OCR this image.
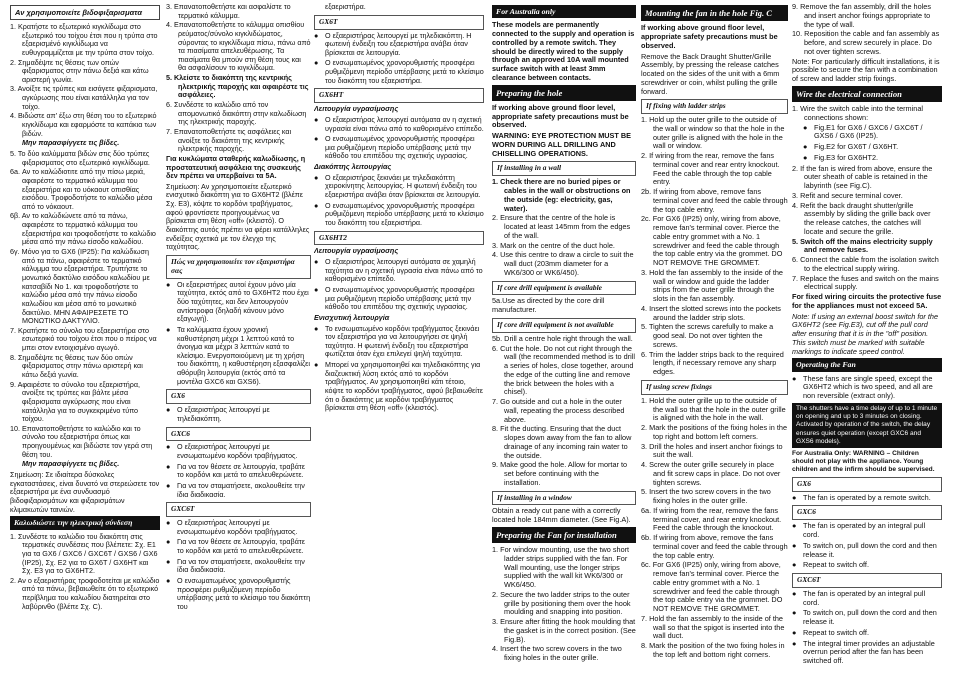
Αν χρησιμοποιείτε βιδοφιξαρισματα
1. Κρατήστε το εξωτερικό κιγκλίδωμα στο εξωτερικό του τοίχου έτσι που η τρύπα στο εξαερισμένό κιγκλίδωμα να ευθυγραμμίζεται με την τρύπα στον τοίχο.
2. Σημαδέψτε τις θέσεις των οπών φιξαρισματος στην πάνω δεξιά και κάτω αριστερή γωνία.
3. Ανοίξτε τις τρύπες και εισάγετε φιξαρισματα, αγκύρωσης που είναι κατάλληλα για τον τοίχο.
4. Βιδώστε απ' έξω στη θέση του το εξωτερικό κιγκλίδωμα και εφαρμόστε τα καπάκια των βιδών.

Μην παρασφίγγετε τις βίδες.

5. Το δύο καλύμματα βιδών στις δύο τρύπες φιξαρισματος στο εξωτερικό κιγκλίδωμα.
6a. Αν το καλώδιοτιτε από την πίσω μεριά, αφαιρέστε το τερματικό κάλυμμα του εξαεριστήρα και το υόκαουτ οπισθίας εισόδου. Τροφοδοτήστε το καλώδιο μέσα από το νόκαουτ.
6β. Αν το καλώδιώνετε από τα πάνω, αφαιρέστε το τερματικό κάλυμμα του εξαεριστήρα και τροφοδοτήστε το καλώδιο μέσα από την πάνω είσοδο καλωδίου.
6γ. Μόνο για το GX6 (IP25): Για καλώδιωση από τα πάνω, αφαιρέστε το τερματικό κάλυμμα του εξαεριστήρα. Τρυπήστε το μονωτικό δακτύλιο εισόδου καλωδίου με κατσαβίδι No 1. και τροφοδοτήστε το καλώδιο μέσα από την πάνω είσοδο καλωδίου και μέσα από το μονωτικό δακτύλιο. ΜΗΝ ΑΦΑΙΡΕΣΕΤΕ ΤΟ ΜΟΝΩΤΙΚΟ ΔΑΚΤΥΛΙΟ.
7. Κρατήστε το σύνολο του εξαεριστήρα στο εσωτερικό του τοίχου έτσι που ο πείρος να μπει στον εντοιχισμένο αγωγό.
8. Σημαδέψτε τις θέσεις των δύο οπών φιξαρισματος στην πάνω αριστερή και κάτω δεξιά γωνία.
9. Αφαιρέστε το σύνολο του εξαεριστήρα, ανοίξτε τις τρύπες και βάλτε μέσα φιξαρισματα αγκύρωσης που είναι κατάλληλα για το συγκεκριμένο τύπο τοίχου.
10. Επανατοποθετήστε το καλώδιο και το σύνολο του εξαεριστήρα όπως και προηγουμένως και βιδώστε τον γερά στη θέση του.

Μην παρασφίγγετε τις βίδες.

Σημείωση: Σε ιδιαίτερα δύσκολες εγκαταστάσεις, είναι δυνατό να στερεώσετε τον εξαεριστήρα με ένα συνδυασμό βιδοφιξαρισμάτων και φιξαρισμάτων κλιμακωτών ταινιών.

Καλωδιώστε την ηλεκτρική σύνδεση
1. Συνδέστε το καλώδιο του διακόπτη στις τερματικές συνδέσεις που βλέπετε: Σχ. Ε1 για τα GX6 / GXC6 / GXC6T / GXS6 / GX6 (IP25), Σχ. Ε2 για το GX6T / GX6HT και Σχ. Ε3 για το GX6HT2.
2. Αν ο εξαεριστήρας τροφοδοτείται με καλώδιο από τα πάνω, βεβαιωθείτε ότι το εξωτερικό περίβλημα του καλωδίου διατηρείται στο λαβύρινθο (βλέπε Σχ. C).
3. Επανατοποθετήστε και ασφαλίστε το τερματικό κάλυμμα.
4. Επανατοποθετήστε το κάλυμμα οπισθίου ρεύματος/σύνολο κιγκλιδώματος, σύροντας το κιγκλίδωμα πίσω, πάνω από τα πιασίματα απελευθέρωσης. Τα πιασίματα θα μπούν στη θέση τους και θα ασφαλίσουν το κιγκλίδωμα.
5. Κλείστε το διακόπτη της κεντρικής ηλεκτρικής παροχής και αφαιρέστε τις ασφάλειες.
6. Συνδέστε το καλώδιο από τον απομονωτικό διακόπτη στην καλωδίωση της ηλεκτρικής παροχής.
7. Επανατοποθετήστε τις ασφάλειες και ανοίξτε το διακόπτη της κεντρικής ηλεκτρικής παροχής.

Για κυκλώματα σταθερής καλωδίωσης, η προστατευτική ασφάλεια της συσκευής δεν πρέπει να υπερβαίνει τα 5Α.

Σημείωση: Αν χρησιμοποιείτε εξωτερικό ενισχυτικό διακόπτη για το GX6HT2 (βλέπε Σχ. E3), κόψτε το κορδόνι τραβήγματος, αφού φροντίσετε προηγουμένως να βρίσκεται στη θέση «off» (κλειστό). Ο διακόπτης αυτός πρέπει να φέρει κατάλληλες ενδείξεις σχετικά με τον έλεγχο της ταχύτητας.

Πώς να χρησιμοποιείτε τον εξαεριστήρα σας
● Οι εξαεριστήρες αυτοί έχουν μόνο μία ταχύτητα, εκτός από το GX6HT2 που έχει δύο ταχύτητες, και δεν λειτουργούν αντίστροφα (δηλαδή κάνουν μόνο εξαγωγή).
● Τα καλύμματα έχουν χρονική καθυστέρηση μέχρι 1 λεπτού κατά το άνοιγμα και μέχρι 3 λεπτών κατά το κλείσιμο. Ενεργοποιούμενη με τη χρήση του διακόπτη, η καθυστέρηση εξασφαλίζει αθόρυβη λειτουργία (εκτός από τα μοντέλα GXC6 και GXS6).
GX6
● Ο εξαεριστήρας λειτουργεί με τηλεδιακόπτη.
GXC6
● Ο εξαεριστήρας λειτουργεί με ενσωματωμένο κορδόνι τραβήγματος.
● Για να τον θέσετε σε λειτουργία, τραβάτε το κορδόνι και μετά το απελευθερώνετε.
● Για να τον σταματήσετε, ακολουθείτε την ίδια διαδικασία.
GXC6T
● Ο εξαεριστήρας λειτουργεί με ενσωματωμένο κορδόνι τραβήγματος.
● Για να τον θέσετε σε λειτουργία, τραβάτε το κορδόνι και μετά το απελευθερώνετε.
● Για να τον σταματήσετε, ακολουθείτε την ίδια διαδικασία.
● Ο ενσωματωμένος χρονορυθμιστής προσφέρει ρυθμιζόμενη περίοδο υπέρβασης μετά το κλείσιμο του διακόπτη του

εξαεριστήρα.

GX6T
● Ο εξαεριστήρας λειτουργεί με τηλεδιακόπτη. Η φωτεινή ένδειξη του εξαεριστήρα ανάβει όταν βρίσκεται σε λειτουργία.
● Ο ενσωματωμένος χρονορυθμιστής προσφέρει ρυθμιζόμενη περίοδο υπέρβασης μετά το κλείσιμο του διακόπτη του εξαεριστήρα.
GX6HT

Λειτουργία υγρασίμοσης

● Ο εξαεριστήρας λειτουργεί αυτόματα αν η σχετική υγρασία είναι πάνω από το καθορισμένο επίπεδο.
● Ο ενσωματωμένος χρονορυθμιστής προσφέρει μια ρυθμιζόμενη περίοδο υπέρβασης μετά την κάθοδο του επιπέδου της σχετικής υγρασίας.

Διακόπτης λειτουργίας

● Ο εξαεριστήρας ξεκινάει με τηλεδιακόπτη χειροκίνητης λειτουργίας. Η φωτεινή ένδειξη του εξαεριστήρα ανάβει όταν βρίσκεται σε λειτουργία.
● Ο ενσωματωμένος χρονορυθμιστής προσφέρει ρυθμιζόμενη περίοδο υπέρβασης μετά το κλείσιμο του διακόπτη του εξαεριστήρα.
GX6HT2

Λειτουργία υγρασίμοσης

● Ο εξαεριστήρας λειτουργεί αυτόματα σε χαμηλή ταχύτητα αν η σχετική υγρασία είναι πάνω από το καθορισμένο επίπεδο.
● Ο ενσωματωμένος χρονορυθμιστής προσφέρει μια ρυθμιζόμενη περίοδο υπέρβασης μετά την κάθοδο του επιπέδου της σχετικής υγρασίας.

Ενισχυτική λειτουργία

● Το ενσωματωμένο κορδόνι τραβήγματος ξεκινάει τον εξαεριστήρα για να λειτουργήσει σε ψηλή ταχύτητα. Η φωτεινή ένδειξη του εξαεριστήρα φωτίζεται όταν έχει επιλεγεί ψηλή ταχύτητα.
● Μπορεί να χρησιμοποιηθεί και τηλεδιακόπτης για διαζευκτική λύση εκτός από το κορδόνι τραβήγματος. Αν χρησιμοποιηθεί κάτι τέτοιο, κόψτε το κορδόνι τραβήγματος, αφού βεβαιωθείτε ότι ο διακόπτης με κορδόνι τραβήγματος βρίσκεται στη θέση «off» (κλειστός).
For Australia only

These models are permanently connected to the supply and operation is controlled by a remote switch. They should be directly wired to the supply through an approved 10A wall mounted surface switch with at least 3mm clearance between contacts.

Preparing the hole

If working above ground floor level, appropriate safety precautions must be observed.

WARNING: EYE PROTECTION MUST BE WORN DURING ALL DRILLING AND CHISELLING OPERATIONS.

If installing in a wall
1. Check there are no buried pipes or cables in the wall or obstructions on the outside (eg: electricity, gas, water).
2. Ensure that the centre of the hole is located at least 145mm from the edges of the wall.
3. Mark on the centre of the duct hole.
4. Use this centre to draw a circle to suit the wall duct (203mm diameter for a WK6/300 or WK6/450).
If core drill equipment is available

5a.Use as directed by the core drill manufacturer.

If core drill equipment is not available
5b. Drill a centre hole right through the wall.
6. Cut the hole. Do not cut right through the wall (the recommended method is to drill a series of holes, close together, around the edge of the cutting line and remove the brick between the holes with a chisel).
7. Go outside and cut a hole in the outer wall, repeating the process described above.
8. Fit the ducting. Ensuring that the duct slopes down away from the fan to allow drainage of any incoming rain water to the outside.
9. Make good the hole. Allow for mortar to set before continuing with the installation.
If installing in a window

Obtain a ready cut pane with a correctly located hole 184mm diameter. (See Fig.A).

Preparing the Fan for installation
1. For window mounting, use the two short ladder strips supplied with the fan. For Wall mounting, use the longer strips supplied with the wall kit WK6/300 or WK6/450.
2. Secure the two ladder strips to the outer grille by positioning them over the hook moulding and snapping into position.
3. Ensure after fitting the hook moulding that the gasket is in the correct position. (See Fig.B).
4. Insert the two screw covers in the two fixing holes in the outer grille.
Mounting the fan in the hole Fig. C

If working above ground floor level, appropriate safety precautions must be observed.

Remove the Back Draught Shutter/Grille Assembly, by pressing the release catches located on the sides of the unit with a 6mm screwdriver or coin, whilst pulling the grille forward.

If fixing with ladder strips
1. Hold up the outer grille to the outside of the wall or window so that the hole in the outer grille is aligned with the hole in the wall or window.
2. If wiring from the rear, remove the fans terminal cover and rear entry knockout. Feed the cable through the top cable entry.
2b. If wiring from above, remove fans terminal cover and feed the cable through the top cable entry.
2c. For GX6 (IP25) only, wiring from above, remove fan's terminal cover. Pierce the cable entry grommet with a No. 1 screwdriver and feed the cable through the top cable entry via the grommet. DO NOT REMOVE THE GROMMET.
3. Hold the fan assembly to the inside of the wall or window and guide the ladder strips from the outer grille through the slots in the fan assembly.
4. Insert the slotted screws into the pockets around the ladder strip slots.
5. Tighten the screws carefully to make a good seal. Do not over tighten the screws.
6. Trim the ladder strips back to the required length, if necessary remove any sharp edges.
If using screw fixings
1. Hold the outer grille up to the outside of the wall so that the hole in the outer grille is aligned with the hole in the wall.
2. Mark the positions of the fixing holes in the top right and bottom left corners.
3. Drill the holes and insert anchor fixings to suit the wall.
4. Screw the outer grille securely in place and fit screw caps in place. Do not over tighten screws.
5. Insert the two screw covers in the two fixing holes in the outer grille.
6a. If wiring from the rear, remove the fans terminal cover, and rear entry knockout. Feed the cable through the knockout.
6b. If wiring from above, remove the fans terminal cover and feed the cable through the top cable entry.
6c. For GX6 (IP25) only, wiring from above, remove fan's terminal cover. Pierce the cable entry grommet with a No. 1 screwdriver and feed the cable through the top cable entry via the grommet. DO NOT REMOVE THE GROMMET.
7. Hold the fan assembly to the inside of the wall so that the spigot is inserted into the wall duct.
8. Mark the position of the two fixing holes in the top left and bottom right corners.
9. Remove the fan assembly, drill the holes and insert anchor fixings appropriate to the type of wall.
10. Reposition the cable and fan assembly as before, and screw securely in place. Do not over tighten screws.

Note: For particularly difficult installations, it is possible to secure the fan with a combination of screw and ladder strip fixings.

Wire the electrical connection
1. Wire the switch cable into the terminal connections shown:
● Fig.E1 for GX6 / GXC6 / GXC6T / GXS6 / GX6 (IP25).
● Fig.E2 for GX6T / GX6HT.
● Fig.E3 for GX6HT2.
2. If the fan is wired from above, ensure the outer sheath of cable is retained in the labyrinth (see Fig.C).
3. Refit and secure terminal cover.
4. Refit the back draught shutter/grille assembly by sliding the grille back over the release catches, the catches will locate and secure the grille.
5. Switch off the mains electricity supply and remove fuses.
6. Connect the cable from the isolation switch to the electrical supply wiring.
7. Replace the fuses and switch on the mains electrical supply.

For fixed wiring circuits the protective fuse for the appliances must not exceed 5A.

Note: If using an external boost switch for the GX6HT2 (see Fig.E3), cut off the pull cord after ensuring that it is in the "off" position. This switch must be marked with suitable markings to indicate speed control.

Operating the Fan
● These fans are single speed, except the GX6HT2 which is two speed, and all are non reversible (extract only).
The shutters have a time delay of up to 1 minute on opening and up to 3 minutes on closing. Activated by operation of the switch, the delay ensures quiet operation (except GXC6 and GXS6 models).

For Australia Only: WARNING – Children should not play with the appliance. Young children and the infirm should be supervised.

GX6
● The fan is operated by a remote switch.
GXC6
● The fan is operated by an integral pull cord.
● To switch on, pull down the cord and then release it.
● Repeat to switch off.
GXC6T
● The fan is operated by an integral pull cord.
● To switch on, pull down the cord and then release it.
● Repeat to switch off.
● The integral timer provides an adjustable overrun period after the fan has been switched off.
